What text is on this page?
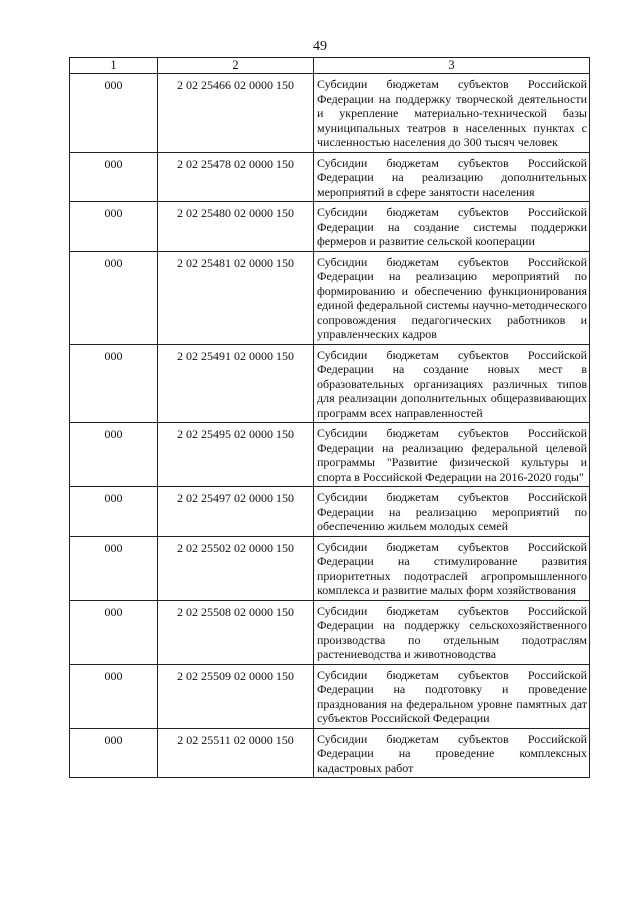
49
1	2	3
000	2 02 25466 02 0000 150	Субсидии бюджетам субъектов Российской Федерации на поддержку творческой деятельности и укрепление материально-технической базы муниципальных театров в населенных пунктах с численностью населения до 300 тысяч человек
000	2 02 25478 02 0000 150	Субсидии бюджетам субъектов Российской Федерации на реализацию дополнительных мероприятий в сфере занятости населения
000	2 02 25480 02 0000 150	Субсидии бюджетам субъектов Российской Федерации на создание системы поддержки фермеров и развитие сельской кооперации
000	2 02 25481 02 0000 150	Субсидии бюджетам субъектов Российской Федерации на реализацию мероприятий по формированию и обеспечению функционирования единой федеральной системы научно-методического сопровождения педагогических работников и управленческих кадров
000	2 02 25491 02 0000 150	Субсидии бюджетам субъектов Российской Федерации на создание новых мест в образовательных организациях различных типов для реализации дополнительных общеразвивающих программ всех направленностей
000	2 02 25495 02 0000 150	Субсидии бюджетам субъектов Российской Федерации на реализацию федеральной целевой программы "Развитие физической культуры и спорта в Российской Федерации на 2016-2020 годы"
000	2 02 25497 02 0000 150	Субсидии бюджетам субъектов Российской Федерации на реализацию мероприятий по обеспечению жильем молодых семей
000	2 02 25502 02 0000 150	Субсидии бюджетам субъектов Российской Федерации на стимулирование развития приоритетных подотраслей агропромышленного комплекса и развитие малых форм хозяйствования
000	2 02 25508 02 0000 150	Субсидии бюджетам субъектов Российской Федерации на поддержку сельскохозяйственного производства по отдельным подотраслям растениеводства и животноводства
000	2 02 25509 02 0000 150	Субсидии бюджетам субъектов Российской Федерации на подготовку и проведение празднования на федеральном уровне памятных дат субъектов Российской Федерации
000	2 02 25511 02 0000 150	Субсидии бюджетам субъектов Российской Федерации на проведение комплексных кадастровых работ
